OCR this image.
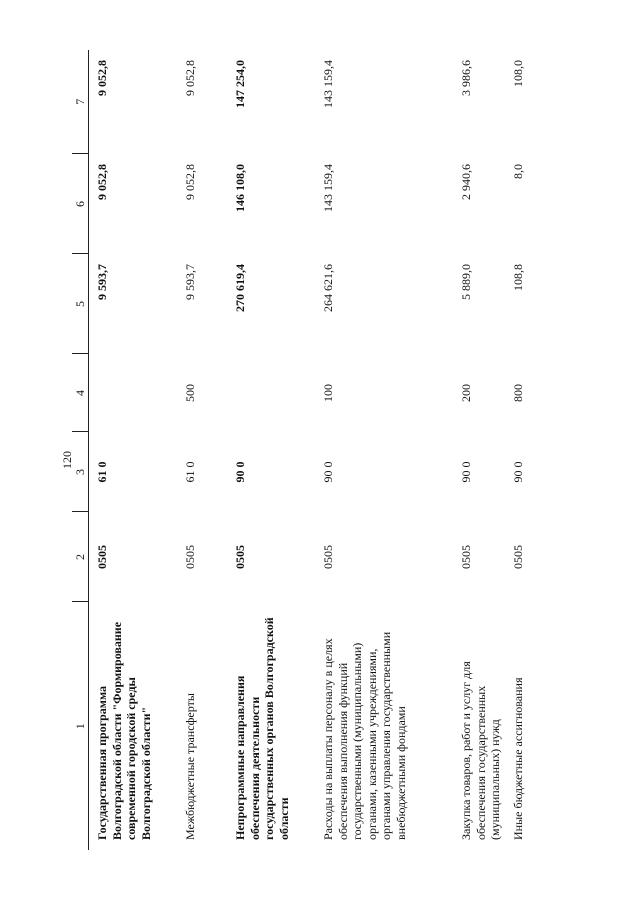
120
1	2	3	4	5	6	7
Государственная программа Волгоградской области "Формирование современной городской среды Волгоградской области"	0505	61 0		9 593,7	9 052,8	9 052,8
Межбюджетные трансферты	0505	61 0	500	9 593,7	9 052,8	9 052,8
Непрограммные направления обеспечения деятельности государственных органов Волгоградской области	0505	90 0		270 619,4	146 108,0	147 254,0
Расходы на выплаты персоналу в целях обеспечения выполнения функций государственными (муниципальными) органами, казенными учреждениями, органами управления государственными внебюджетными фондами	0505	90 0	100	264 621,6	143 159,4	143 159,4
Закупка товаров, работ и услуг для обеспечения государственных (муниципальных) нужд	0505	90 0	200	5 889,0	2 940,6	3 986,6
Иные бюджетные ассигнования	0505	90 0	800	108,8	8,0	108,0
